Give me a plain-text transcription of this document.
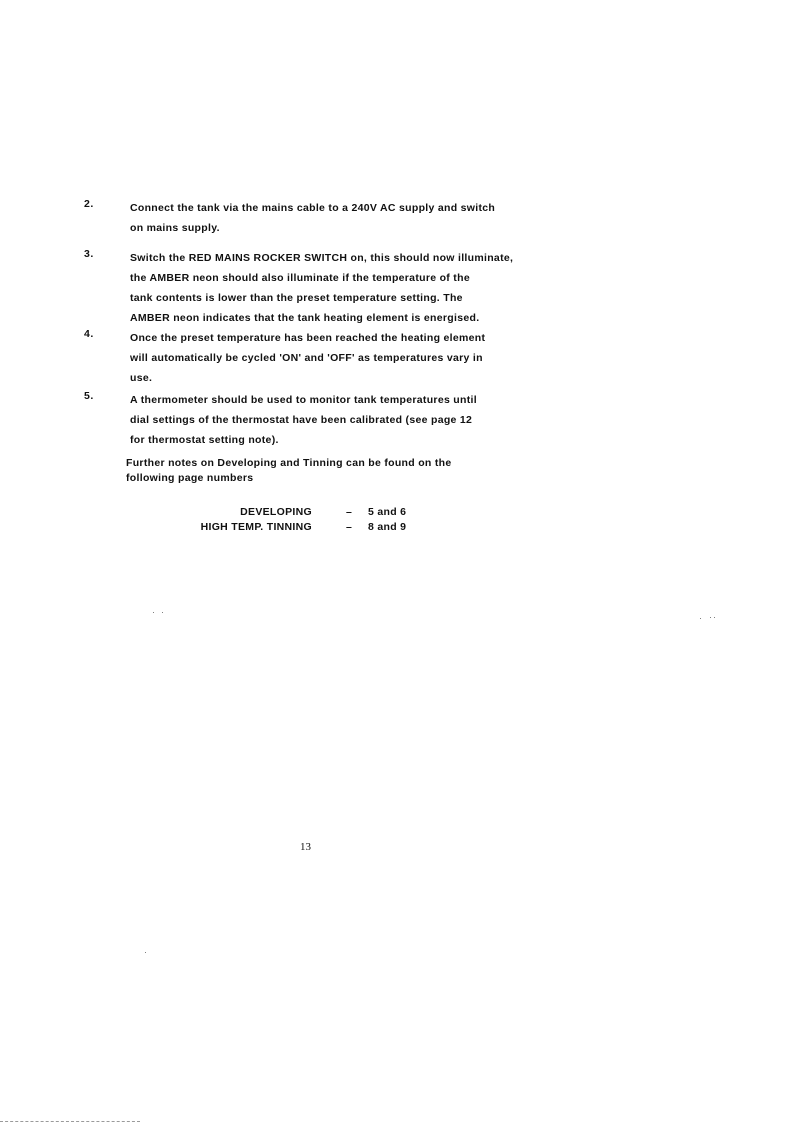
2.	Connect the tank via the mains cable to a 240V AC supply and switch
on mains supply.
3.	Switch the RED MAINS ROCKER SWITCH on, this should now illuminate,
the AMBER neon should also illuminate if the temperature of the
tank contents is lower than the preset temperature setting. The
AMBER neon indicates that the tank heating element is energised.
4.	Once the preset temperature has been reached the heating element
will automatically be cycled 'ON' and 'OFF' as temperatures vary in
use.
5.	A thermometer should be used to monitor tank temperatures until
dial settings of the thermostat have been calibrated (see page 12
for thermostat setting note).
Further notes on Developing and Tinning can be found on the
following page numbers
DEVELOPING	– 5 and 6
HIGH TEMP. TINNING	– 8 and 9
13
